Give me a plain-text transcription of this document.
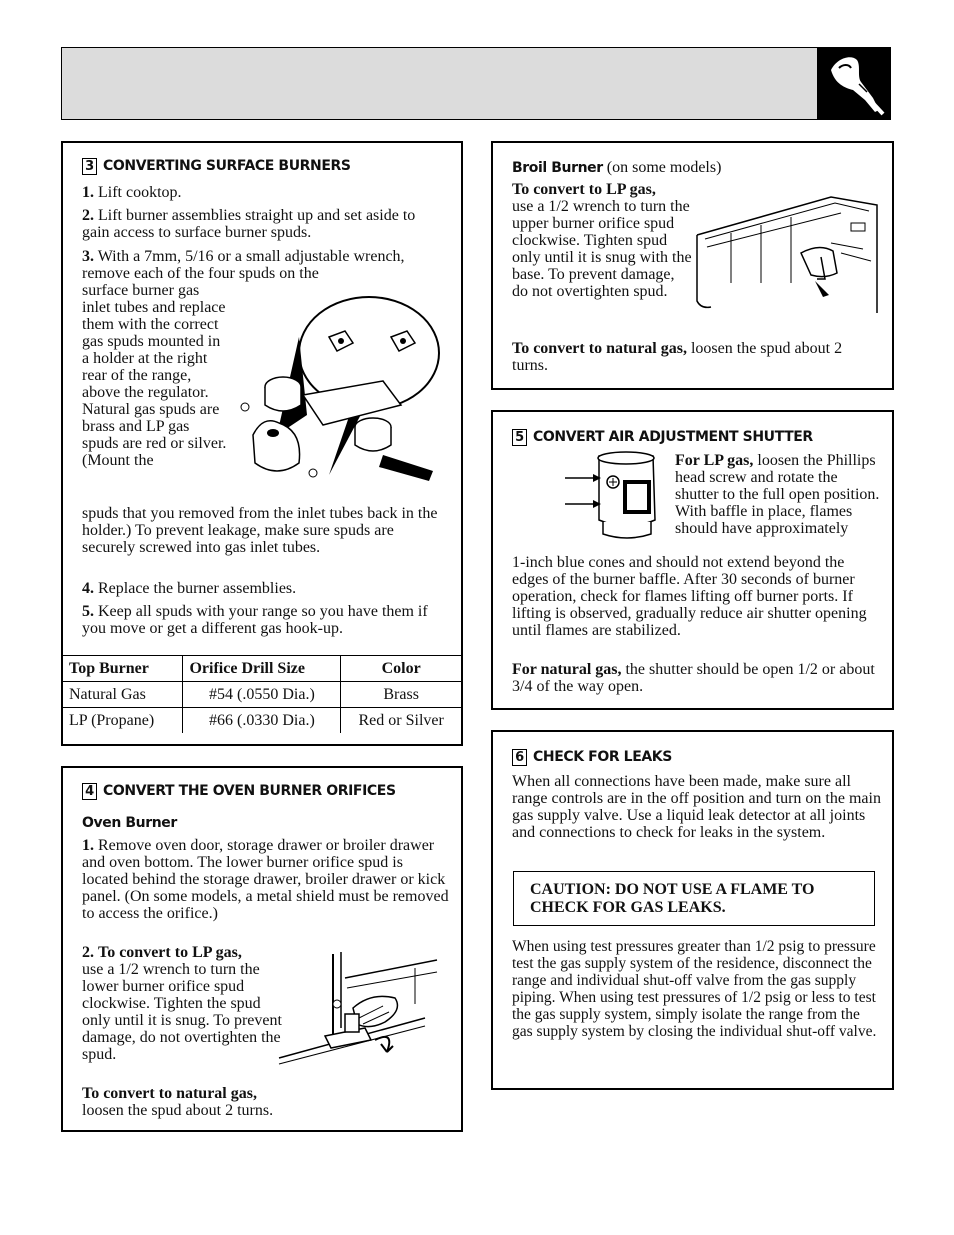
3 CONVERTING SURFACE BURNERS

1. Lift cooktop.

2. Lift burner assemblies straight up and set aside to gain access to surface burner spuds.

3. With a 7mm, 5/16 or a small adjustable wrench, remove each of the four spuds on the

surface burner gas inlet tubes and replace them with the correct gas spuds mounted in a holder at the right rear of the range, above the regulator. Natural gas spuds are brass and LP gas spuds are red or silver. (Mount the

spuds that you removed from the inlet tubes back in the holder.) To prevent leakage, make sure spuds are securely screwed into gas inlet tubes.

4. Replace the burner assemblies.

5. Keep all spuds with your range so you have them if you move or get a different gas hook-up.

Top Burner	Orifice Drill Size	Color
Natural Gas	#54 (.0550 Dia.)	Brass
LP (Propane)	#66 (.0330 Dia.)	Red or Silver
4 CONVERT THE OVEN BURNER ORIFICES
Oven Burner

1. Remove oven door, storage drawer or broiler drawer and oven bottom. The lower burner orifice spud is located behind the storage drawer, broiler drawer or kick panel. (On some models, a metal shield must be removed to access the orifice.)

2. To convert to LP gas,
use a 1/2 wrench to turn the lower burner orifice spud clockwise. Tighten the spud only until it is snug. To prevent damage, do not overtighten the spud.

To convert to natural gas,
loosen the spud about 2 turns.

Broil Burner (on some models)

To convert to LP gas,
use a 1/2 wrench to turn the upper burner orifice spud clockwise. Tighten spud only until it is snug with the base. To prevent damage, do not overtighten spud.

To convert to natural gas, loosen the spud about 2 turns.

5 CONVERT AIR ADJUSTMENT SHUTTER

For LP gas, loosen the Phillips head screw and rotate the shutter to the full open position. With baffle in place, flames should have approximately

1-inch blue cones and should not extend beyond the edges of the burner baffle. After 30 seconds of burner operation, check for flames lifting off burner ports. If lifting is observed, gradually reduce air shutter opening until flames are stabilized.

For natural gas, the shutter should be open 1/2 or about 3/4 of the way open.

6 CHECK FOR LEAKS

When all connections have been made, make sure all range controls are in the off position and turn on the main gas supply valve. Use a liquid leak detector at all joints and connections to check for leaks in the system.

CAUTION: DO NOT USE A FLAME TO CHECK FOR GAS LEAKS.

When using test pressures greater than 1/2 psig to pressure test the gas supply system of the residence, disconnect the range and individual shut-off valve from the gas supply piping. When using test pressures of 1/2 psig or less to test the gas supply system, simply isolate the range from the gas supply system by closing the individual shut-off valve.
